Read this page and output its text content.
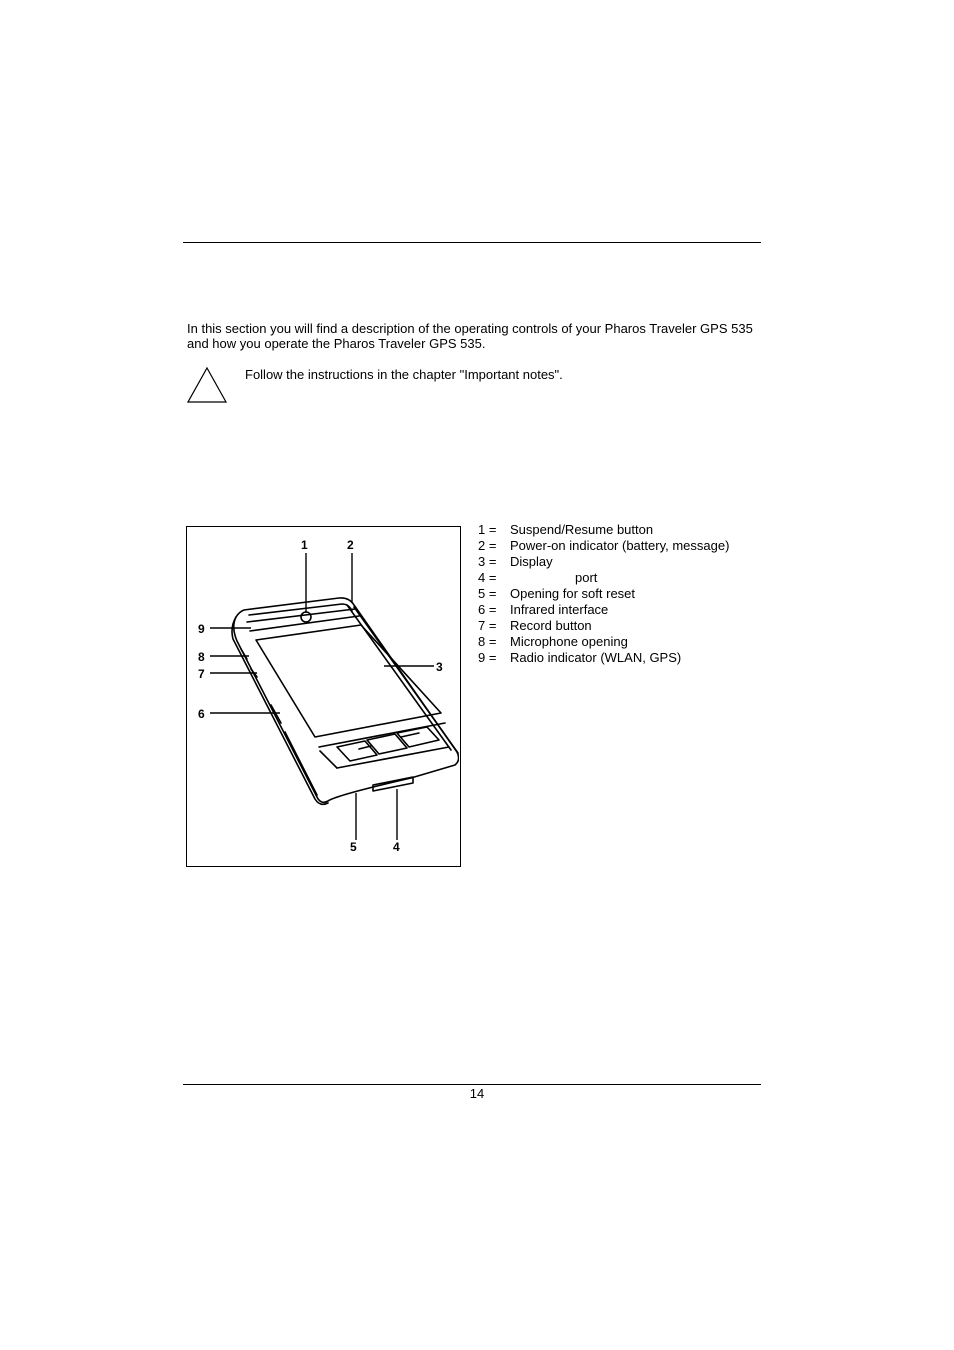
In this section you will find a description of the operating controls of your Pharos Traveler GPS 535
and how you operate the Pharos Traveler GPS 535.
Follow the instructions in the chapter "Important notes".
1	2
3
4
5
6
7
8
9
1 = Suspend/Resume button
2 = Power-on indicator (battery, message)
3 = Display
4 = port
5 = Opening for soft reset
6 = Infrared interface
7 = Record button
8 = Microphone opening
9 = Radio indicator (WLAN, GPS)
14
